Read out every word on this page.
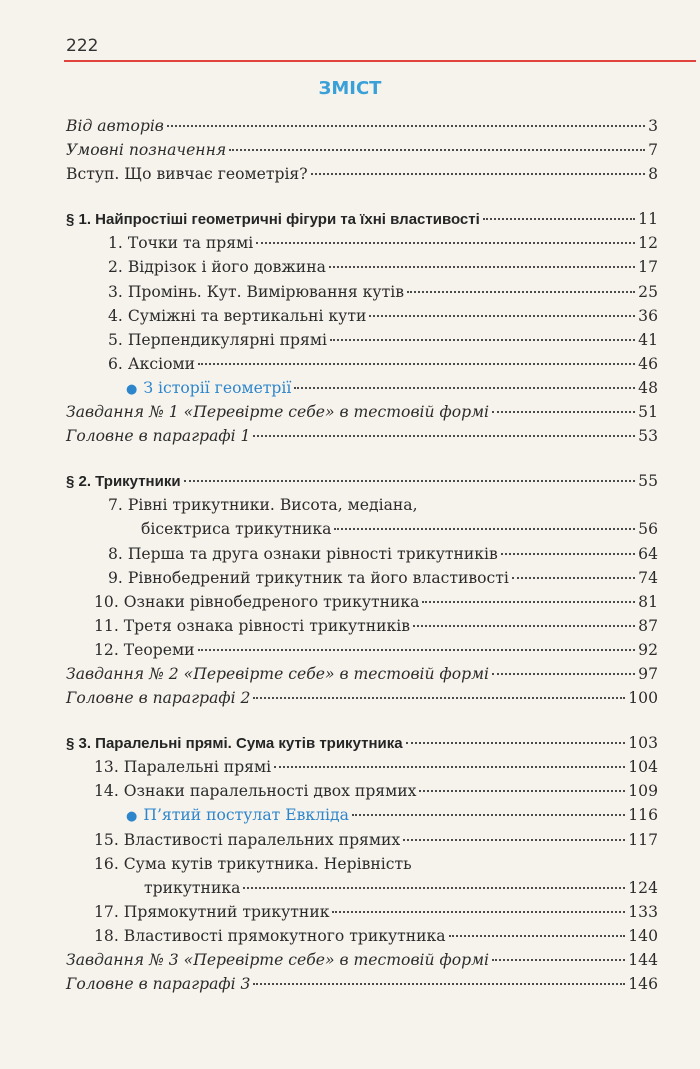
222
ЗМІСТ
Від авторів	3
Умовні позначення	7
Вступ. Що вивчає геометрія?	8
§ 1. Найпростіші геометричні фігури та їхні властивості	11
1. Точки та прямі	12
2. Відрізок і його довжина	17
3. Промінь. Кут. Вимірювання кутів	25
4. Суміжні та вертикальні кути	36
5. Перпендикулярні прямі	41
6. Аксіоми	46
● З історії геометрії	48
Завдання № 1 «Перевірте себе» в тестовій формі	51
Головне в параграфі 1	53
§ 2. Трикутники	55
7. Рівні трикутники. Висота, медіана,
бісектриса трикутника	56
8. Перша та друга ознаки рівності трикутників	64
9. Рівнобедрений трикутник та його властивості	74
10. Ознаки рівнобедреного трикутника	81
11. Третя ознака рівності трикутників	87
12. Теореми	92
Завдання № 2 «Перевірте себе» в тестовій формі	97
Головне в параграфі 2	100
§ 3. Паралельні прямі. Сума кутів трикутника	103
13. Паралельні прямі	104
14. Ознаки паралельності двох прямих	109
● П’ятий постулат Евкліда	116
15. Властивості паралельних прямих	117
16. Сума кутів трикутника. Нерівність
трикутника	124
17. Прямокутний трикутник	133
18. Властивості прямокутного трикутника	140
Завдання № 3 «Перевірте себе» в тестовій формі	144
Головне в параграфі 3	146
